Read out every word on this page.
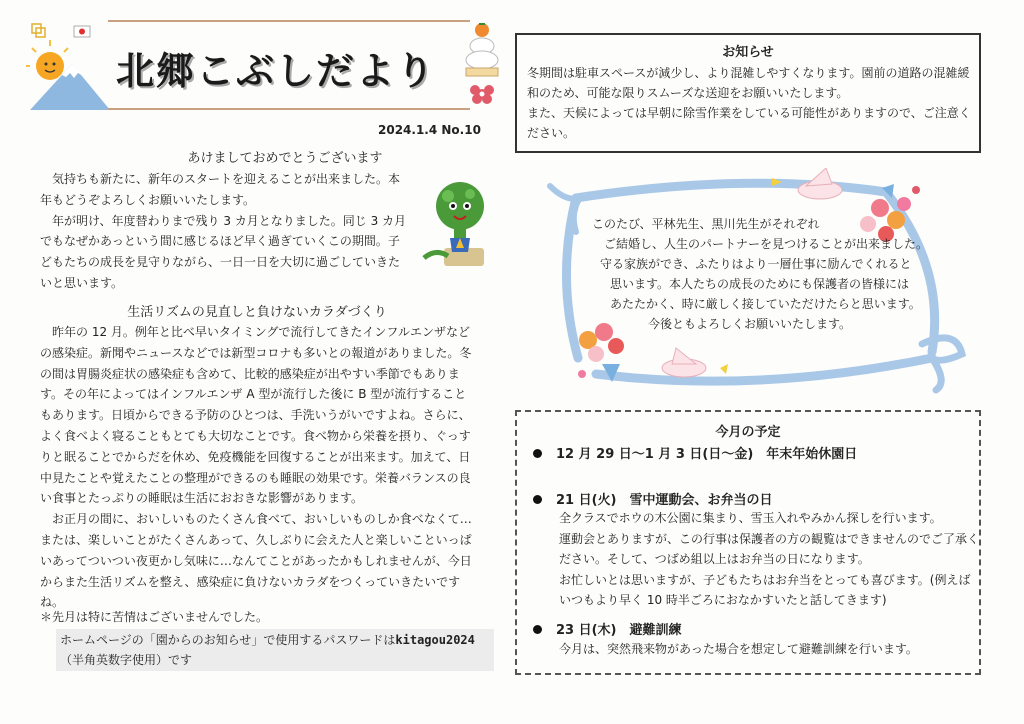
北郷こぶしだより
2024.1.4 No.10
あけましておめでとうございます

気持ちも新たに、新年のスタートを迎えることが出来ました。本年もどうぞよろしくお願いいたします。

年が明け、年度替わりまで残り 3 カ月となりました。同じ 3 カ月でもなぜかあっという間に感じるほど早く過ぎていくこの期間。子どもたちの成長を見守りながら、一日一日を大切に過ごしていきたいと思います。

生活リズムの見直しと負けないカラダづくり

昨年の 12 月。例年と比べ早いタイミングで流行してきたインフルエンザなどの感染症。新聞やニュースなどでは新型コロナも多いとの報道がありました。冬の間は胃腸炎症状の感染症も含めて、比較的感染症が出やすい季節でもあります。その年によってはインフルエンザ A 型が流行した後に B 型が流行することもあります。日頃からできる予防のひとつは、手洗いうがいですよね。さらに、よく食べよく寝ることもとても大切なことです。食べ物から栄養を摂り、ぐっすりと眠ることでからだを休め、免疫機能を回復することが出来ます。加えて、日中見たことや覚えたことの整理ができるのも睡眠の効果です。栄養バランスの良い食事とたっぷりの睡眠は生活におおきな影響があります。

お正月の間に、おいしいものたくさん食べて、おいしいものしか食べなくて…または、楽しいことがたくさんあって、久しぶりに会えた人と楽しいこといっぱいあってついつい夜更かし気味に…なんてことがあったかもしれませんが、今日からまた生活リズムを整え、感染症に負けないカラダをつくっていきたいですね。

＊先月は特に苦情はございませんでした。
ホームページの「園からのお知らせ」で使用するパスワードはkitagou2024
（半角英数字使用）です
お知らせ

冬期間は駐車スペースが減少し、より混雑しやすくなります。園前の道路の混雑緩和のため、可能な限りスムーズな送迎をお願いいたします。

また、天候によっては早朝に除雪作業をしている可能性がありますので、ご注意ください。

このたび、平林先生、黒川先生がそれぞれ
ご結婚し、人生のパートナーを見つけることが出来ました。
守る家族ができ、ふたりはより一層仕事に励んでくれると
思います。本人たちの成長のためにも保護者の皆様には
あたたかく、時に厳しく接していただけたらと思います。
今後ともよろしくお願いいたします。
今月の予定
12 月 29 日～1 月 3 日(日～金)　年末年始休園日
21 日(火)　雪中運動会、お弁当の日

全クラスでホウの木公園に集まり、雪玉入れやみかん探しを行います。

運動会とありますが、この行事は保護者の方の観覧はできませんのでご了承ください。そして、つばめ組以上はお弁当の日になります。

お忙しいとは思いますが、子どもたちはお弁当をとっても喜びます。(例えばいつもより早く 10 時半ごろにおなかすいたと話してきます)

23 日(木)　避難訓練

今月は、突然飛来物があった場合を想定して避難訓練を行います。
